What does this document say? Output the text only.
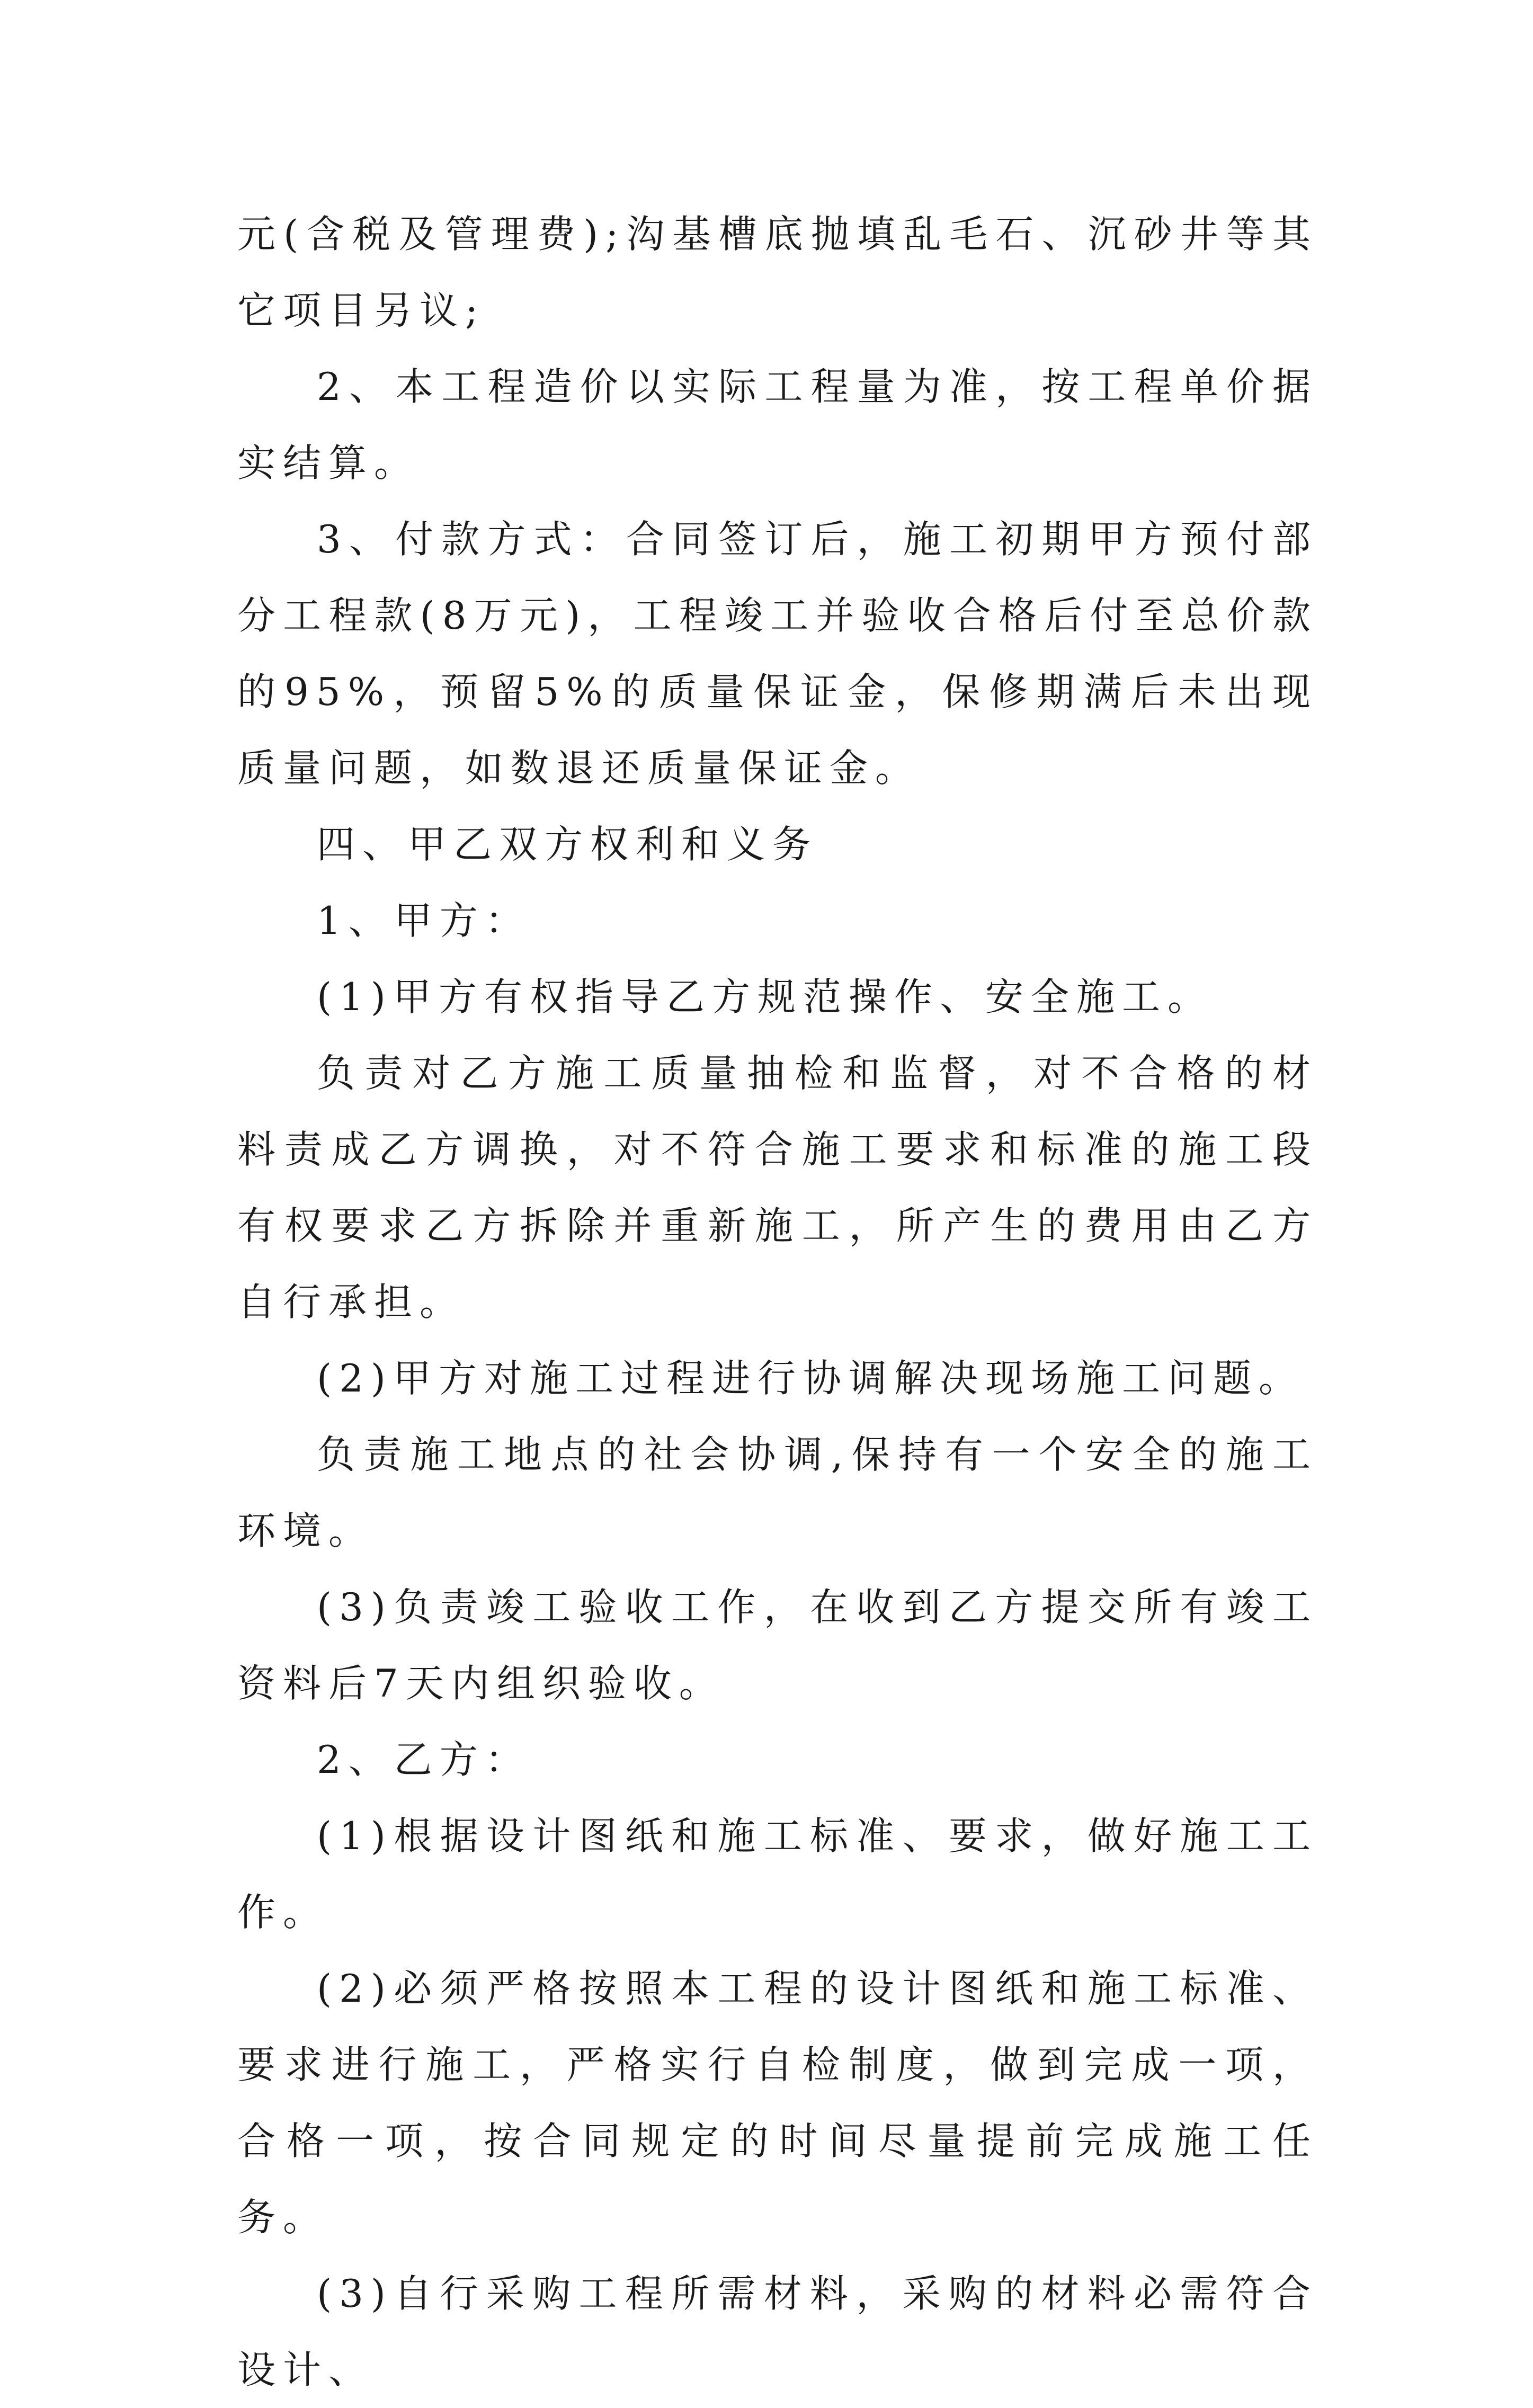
元(含税及管理费);沟基槽底抛填乱毛石、沉砂井等其它项目另议;

2、本工程造价以实际工程量为准，按工程单价据实结算。

3、付款方式：合同签订后，施工初期甲方预付部分工程款(8万元)，工程竣工并验收合格后付至总价款的95%，预留5%的质量保证金，保修期满后未出现质量问题，如数退还质量保证金。

四、甲乙双方权利和义务

1、甲方：

(1)甲方有权指导乙方规范操作、安全施工。

负责对乙方施工质量抽检和监督，对不合格的材料责成乙方调换，对不符合施工要求和标准的施工段有权要求乙方拆除并重新施工，所产生的费用由乙方自行承担。

(2)甲方对施工过程进行协调解决现场施工问题。

负责施工地点的社会协调,保持有一个安全的施工环境。

(3)负责竣工验收工作，在收到乙方提交所有竣工资料后7天内组织验收。

2、乙方：

(1)根据设计图纸和施工标准、要求，做好施工工作。

(2)必须严格按照本工程的设计图纸和施工标准、要求进行施工，严格实行自检制度，做到完成一项，合格一项，按合同规定的时间尽量提前完成施工任务。

(3)自行采购工程所需材料，采购的材料必需符合设计、
